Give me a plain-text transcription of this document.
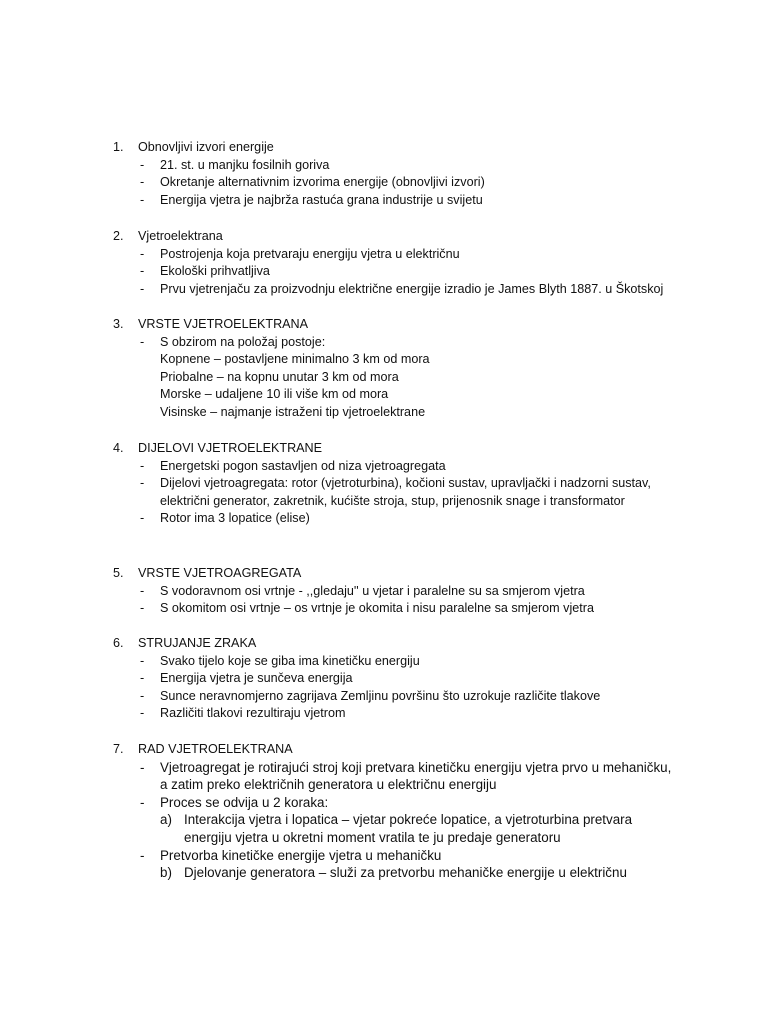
1.	Obnovljivi izvori energije
-	21. st. u manjku fosilnih goriva
-	Okretanje alternativnim izvorima energije (obnovljivi izvori)
-	Energija vjetra je najbrža rastuća grana industrije u svijetu
2.	Vjetroelektrana
-	Postrojenja koja pretvaraju energiju vjetra u električnu
-	Ekološki prihvatljiva
-	Prvu vjetrenjaču za proizvodnju električne energije izradio je James Blyth 1887. u Škotskoj
3.	VRSTE VJETROELEKTRANA
-	S obzirom na položaj postoje:
Kopnene – postavljene minimalno 3 km od mora
Priobalne – na kopnu unutar 3 km od mora
Morske – udaljene 10 ili više km od mora
Visinske – najmanje istraženi tip vjetroelektrane
4.	DIJELOVI VJETROELEKTRANE
-	Energetski pogon sastavljen od niza vjetroagregata
-	Dijelovi vjetroagregata: rotor (vjetroturbina), kočioni sustav, upravljački i nadzorni sustav,
električni generator, zakretnik, kućište stroja, stup, prijenosnik snage i transformator
-	Rotor ima 3 lopatice (elise)
5.	VRSTE VJETROAGREGATA
-	S vodoravnom osi vrtnje - ,,gledaju'' u vjetar i paralelne su sa smjerom vjetra
-	S okomitom osi vrtnje – os vrtnje je okomita i nisu paralelne sa smjerom vjetra
6.	STRUJANJE ZRAKA
-	Svako tijelo koje se giba ima kinetičku energiju
-	Energija vjetra je sunčeva energija
-	Sunce neravnomjerno zagrijava Zemljinu površinu što uzrokuje različite tlakove
-	Različiti tlakovi rezultiraju vjetrom
7.	RAD VJETROELEKTRANA
-	Vjetroagregat je rotirajući stroj koji pretvara kinetičku energiju vjetra prvo u mehaničku,
a zatim preko električnih generatora u električnu energiju
-	Proces se odvija u 2 koraka:
a) Interakcija vjetra i lopatica – vjetar pokreće lopatice, a vjetroturbina pretvara
energiju vjetra u okretni moment vratila te ju predaje generatoru
-	Pretvorba kinetičke energije vjetra u mehaničku
b) Djelovanje generatora – služi za pretvorbu mehaničke energije u električnu
